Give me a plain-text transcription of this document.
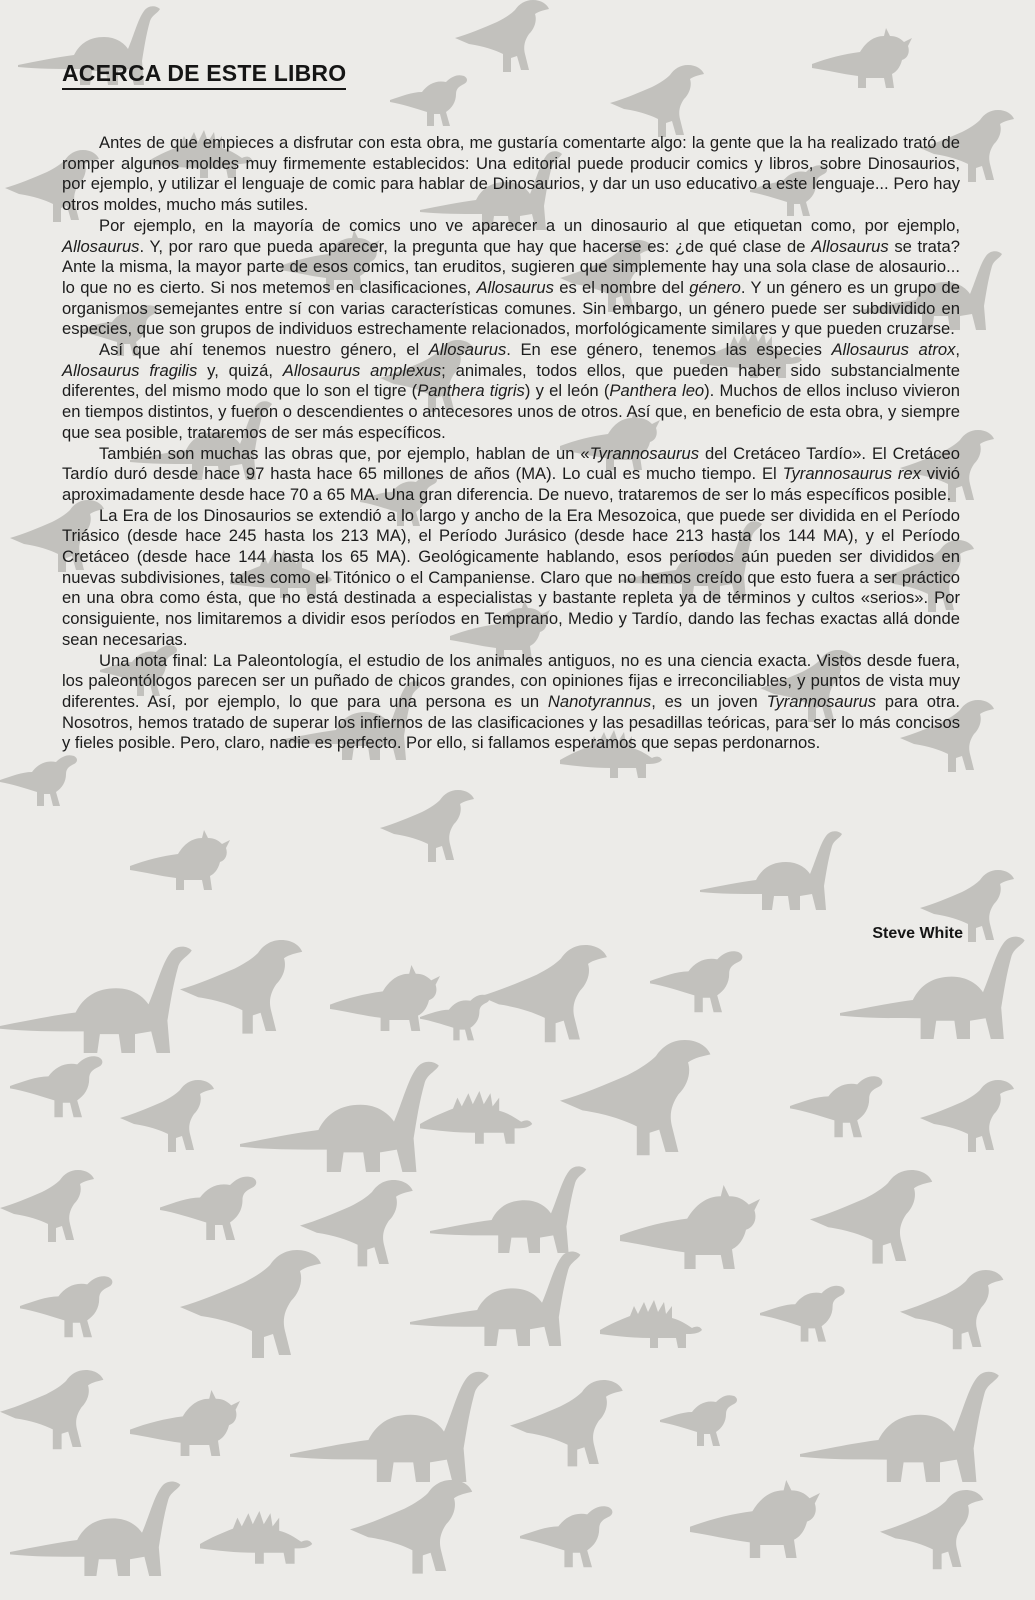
ACERCA DE ESTE LIBRO

Antes de que empieces a disfrutar con esta obra, me gustaría comentarte algo: la gente que la ha realizado trató de romper algunos moldes muy firmemente establecidos: Una editorial puede producir comics y libros, sobre Dinosaurios, por ejemplo, y utilizar el lenguaje de comic para hablar de Dinosaurios, y dar un uso educativo a este lenguaje... Pero hay otros moldes, mucho más sutiles.

Por ejemplo, en la mayoría de comics uno ve aparecer a un dinosaurio al que etiquetan como, por ejemplo, Allosaurus. Y, por raro que pueda aparecer, la pregunta que hay que hacerse es: ¿de qué clase de Allosaurus se trata? Ante la misma, la mayor parte de esos comics, tan eruditos, sugieren que simplemente hay una sola clase de alosaurio... lo que no es cierto. Si nos metemos en clasificaciones, Allosaurus es el nombre del género. Y un género es un grupo de organismos semejantes entre sí con varias características comunes. Sin embargo, un género puede ser subdividido en especies, que son grupos de individuos estrechamente relacionados, morfológicamente similares y que pueden cruzarse.

Así que ahí tenemos nuestro género, el Allosaurus. En ese género, tenemos las especies Allosaurus atrox, Allosaurus fragilis y, quizá, Allosaurus amplexus; animales, todos ellos, que pueden haber sido substancialmente diferentes, del mismo modo que lo son el tigre (Panthera tigris) y el león (Panthera leo). Muchos de ellos incluso vivieron en tiempos distintos, y fueron o descendientes o antecesores unos de otros. Así que, en beneficio de esta obra, y siempre que sea posible, trataremos de ser más específicos.

También son muchas las obras que, por ejemplo, hablan de un «Tyrannosaurus del Cretáceo Tardío». El Cretáceo Tardío duró desde hace 97 hasta hace 65 millones de años (MA). Lo cual es mucho tiempo. El Tyrannosaurus rex vivió aproximadamente desde hace 70 a 65 MA. Una gran diferencia. De nuevo, trataremos de ser lo más específicos posible.

La Era de los Dinosaurios se extendió a lo largo y ancho de la Era Mesozoica, que puede ser dividida en el Período Triásico (desde hace 245 hasta los 213 MA), el Período Jurásico (desde hace 213 hasta los 144 MA), y el Período Cretáceo (desde hace 144 hasta los 65 MA). Geológicamente hablando, esos períodos aún pueden ser divididos en nuevas subdivisiones, tales como el Titónico o el Campaniense. Claro que no hemos creído que esto fuera a ser práctico en una obra como ésta, que no está destinada a especialistas y bastante repleta ya de términos y cultos «serios». Por consiguiente, nos limitaremos a dividir esos períodos en Temprano, Medio y Tardío, dando las fechas exactas allá donde sean necesarias.

Una nota final: La Paleontología, el estudio de los animales antiguos, no es una ciencia exacta. Vistos desde fuera, los paleontólogos parecen ser un puñado de chicos grandes, con opiniones fijas e irreconciliables, y puntos de vista muy diferentes. Así, por ejemplo, lo que para una persona es un Nanotyrannus, es un joven Tyrannosaurus para otra. Nosotros, hemos tratado de superar los infiernos de las clasificaciones y las pesadillas teóricas, para ser lo más concisos y fieles posible. Pero, claro, nadie es perfecto. Por ello, si fallamos esperamos que sepas perdonarnos.

Steve White
